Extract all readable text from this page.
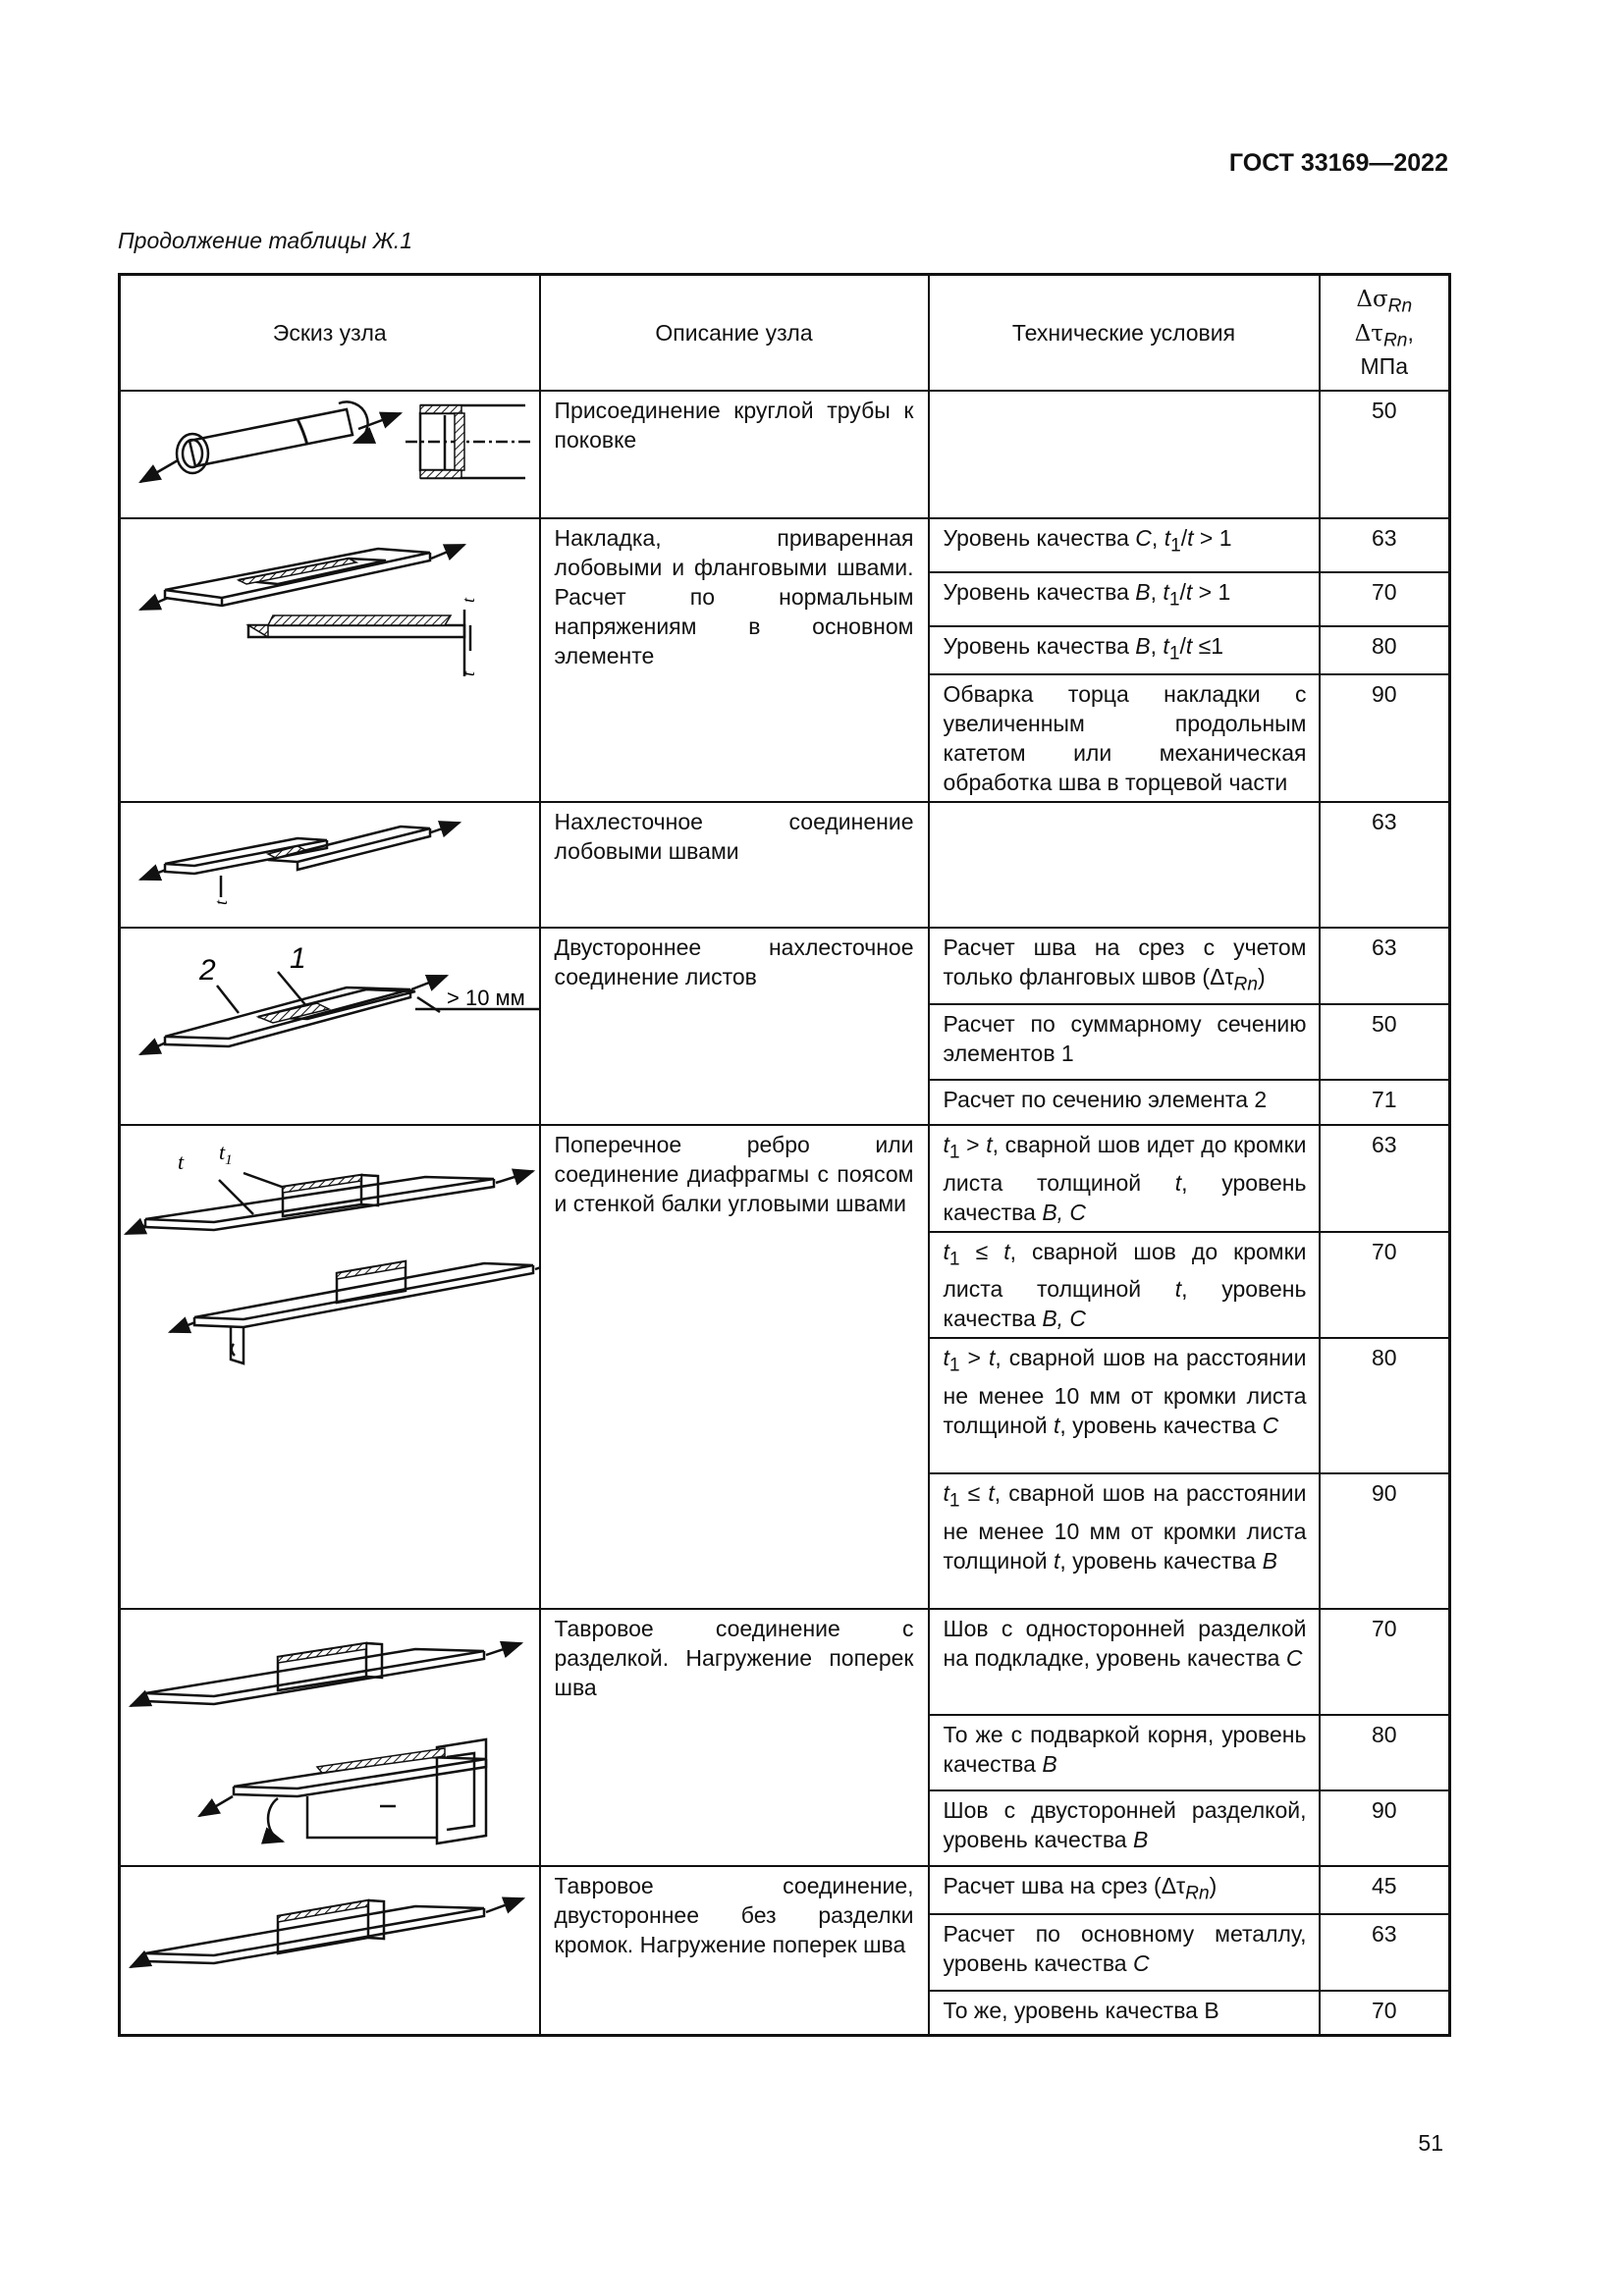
ГОСТ 33169—2022
Продолжение таблицы Ж.1
Эскиз узла	Описание узла	Технические условия	$\Delta\sigma_{Rn}$
$\Delta\tau_{Rn}$,
МПа

	Присоединение круглой трубы к поковке		50

t
t	Накладка, приваренная лобовыми и фланговыми швами. Расчет по нормальным напряжениям в основном элементе	Уровень качества C, $t_1/t > 1$	63
		Уровень качества B, $t_1/t > 1$	70
		Уровень качества B, $t_1/t \le 1$	80
		Обварка торца накладки с увеличенным продольным катетом или механическая обработка шва в торцевой части	90

t	Нахлесточное соединение лобовыми швами		63

1
2
> 10 мм	Двустороннее нахлесточное соединение листов	Расчет шва на срез с учетом только фланговых швов $(\Delta\tau_{Rn})$	63
		Расчет по суммарному сечению элементов 1	50
		Расчет по сечению элемента 2	71

t $t_1$	Поперечное ребро или соединение диафрагмы с поясом и стенкой балки угловыми швами	$t_1 > t$, сварной шов идет до кромки листа толщиной t, уровень качества B, C	63
		$t_1 \le t$, сварной шов до кромки листа толщиной t, уровень качества B, C	70
		$t_1 > t$, сварной шов на расстоянии не менее 10 мм от кромки листа толщиной t, уровень качества C	80
		$t_1 \le t$, сварной шов на расстоянии не менее 10 мм от кромки листа толщиной t, уровень качества B	90

	Тавровое соединение с разделкой. Нагружение поперек шва	Шов с односторонней разделкой на подкладке, уровень качества C	70
		То же с подваркой корня, уровень качества B	80
		Шов с двусторонней разделкой, уровень качества B	90

	Тавровое соединение, двустороннее без разделки кромок. Нагружение поперек шва	Расчет шва на срез $(\Delta\tau_{Rn})$	45
		Расчет по основному металлу, уровень качества C	63
		То же, уровень качества B	70
51
